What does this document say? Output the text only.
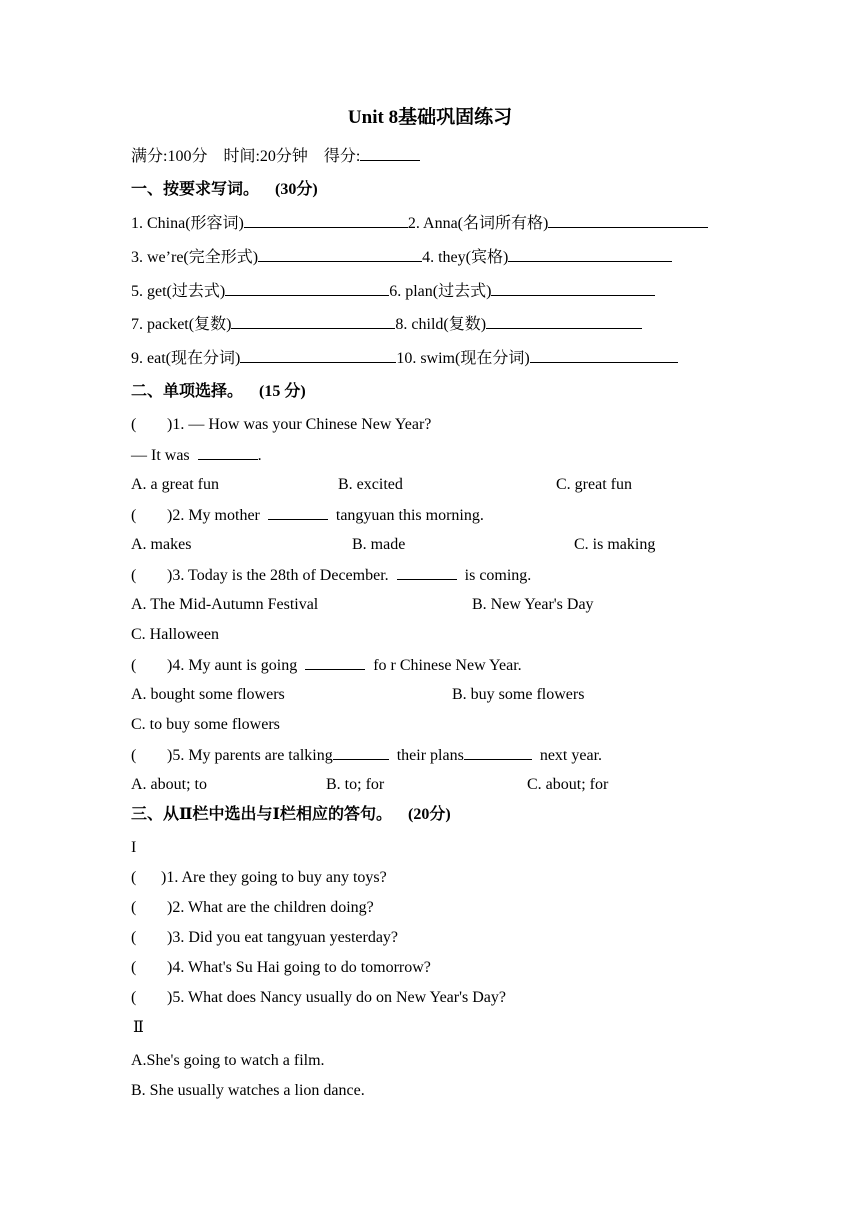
Unit 8基础巩固练习
满分:100分 时间:20分钟 得分:
一、按要求写词。 (30分)
1. China(形容词)	2. Anna(名词所有格)
3. we’re(完全形式)	4. they(宾格)
5. get(过去式)	6. plan(过去式)
7. packet(复数)	8. child(复数)
9. eat(现在分词)	10. swim(现在分词)
二、单项选择。 (15 分)
( )1. — How was your Chinese New Year?
— It was	.
A. a great fun	B. excited	C. great fun
( )2. My mother	tangyuan this morning.
A. makes	B. made	C. is making
( )3. Today is the 28th of December.	is coming.
A. The Mid-Autumn Festival	B. New Year's Day
C. Halloween
( )4. My aunt is going	fo r Chinese New Year.
A. bought some flowers	B. buy some flowers
C. to buy some flowers
( )5. My parents are talking	their plans	next year.
A. about; to	B. to; for	C. about; for
三、从Ⅱ栏中选出与Ⅰ栏相应的答句。 (20分)
I
( )1. Are they going to buy any toys?
( )2. What are the children doing?
( )3. Did you eat tangyuan yesterday?
( )4. What's Su Hai going to do tomorrow?
( )5. What does Nancy usually do on New Year's Day?
Ⅱ
A.She's going to watch a film.
B. She usually watches a lion dance.
